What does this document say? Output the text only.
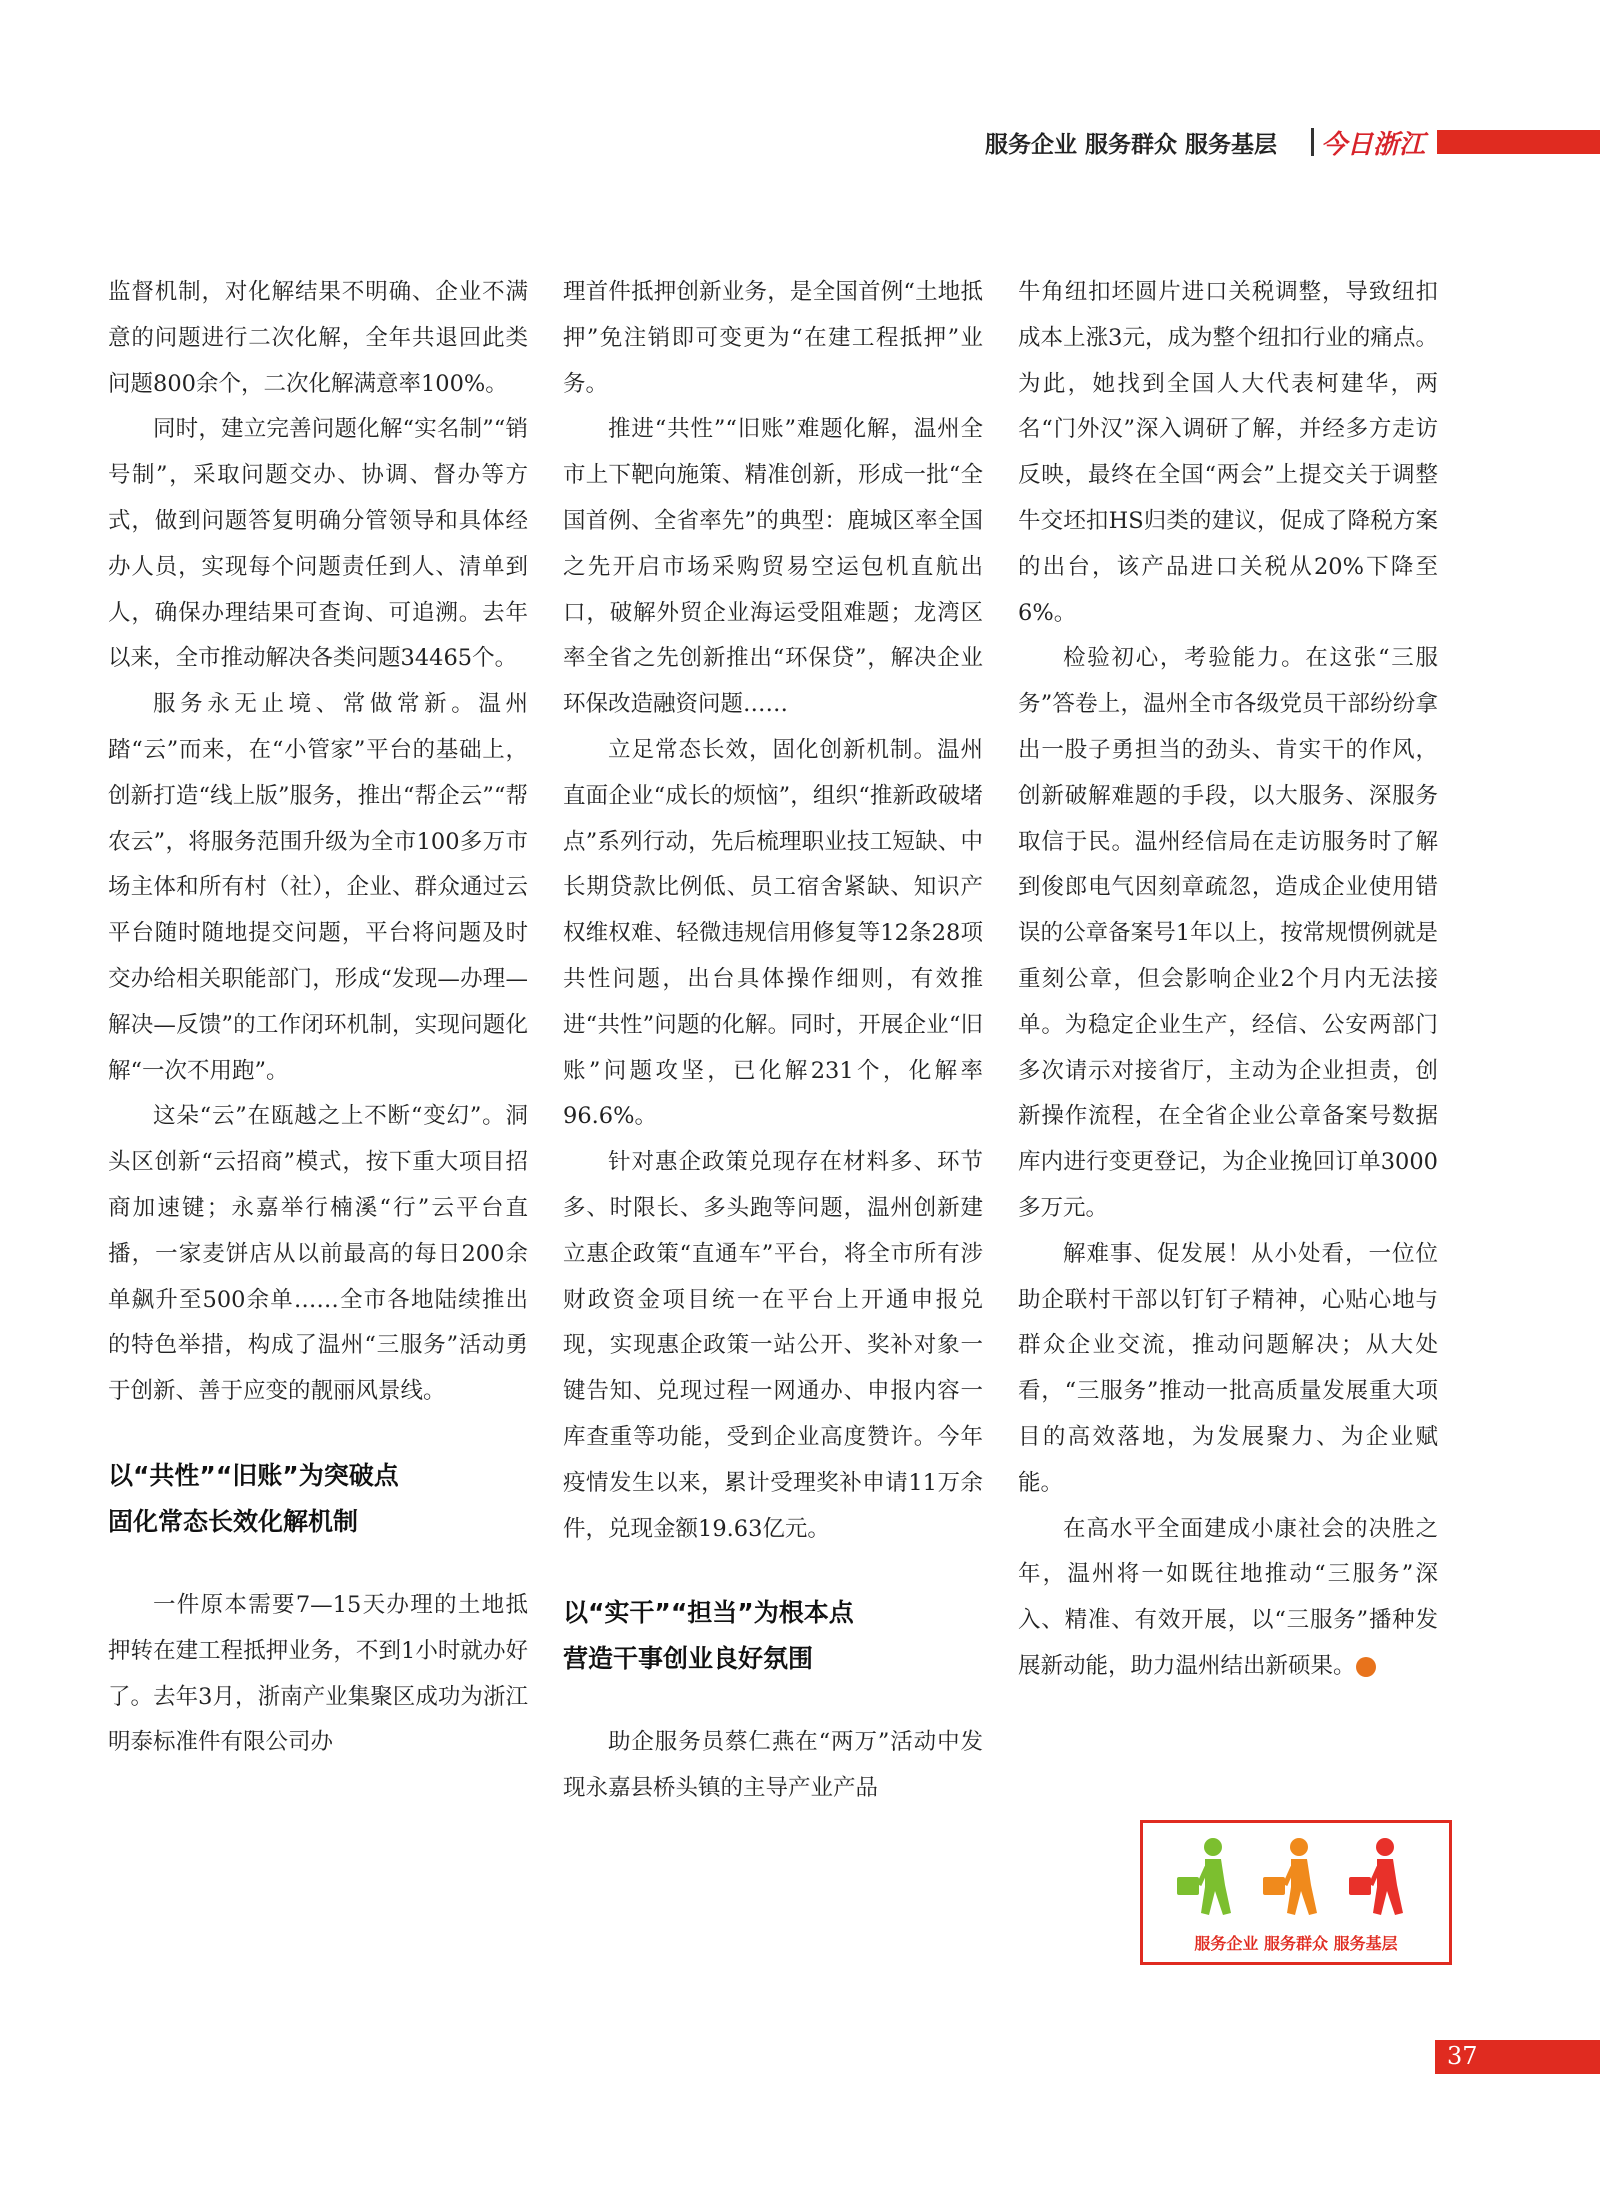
服务企业 服务群众 服务基层 今日浙江

监督机制，对化解结果不明确、企业不满意的问题进行二次化解，全年共退回此类问题800余个，二次化解满意率100%。

同时，建立完善问题化解“实名制”“销号制”，采取问题交办、协调、督办等方式，做到问题答复明确分管领导和具体经办人员，实现每个问题责任到人、清单到人，确保办理结果可查询、可追溯。去年以来，全市推动解决各类问题34465个。

服务永无止境、常做常新。温州踏“云”而来，在“小管家”平台的基础上，创新打造“线上版”服务，推出“帮企云”“帮农云”，将服务范围升级为全市100多万市场主体和所有村（社），企业、群众通过云平台随时随地提交问题，平台将问题及时交办给相关职能部门，形成“发现—办理—解决—反馈”的工作闭环机制，实现问题化解“一次不用跑”。

这朵“云”在瓯越之上不断“变幻”。洞头区创新“云招商”模式，按下重大项目招商加速键；永嘉举行楠溪“行”云平台直播，一家麦饼店从以前最高的每日200余单飙升至500余单……全市各地陆续推出的特色举措，构成了温州“三服务”活动勇于创新、善于应变的靓丽风景线。

以“共性”“旧账”为突破点
固化常态长效化解机制

一件原本需要7—15天办理的土地抵押转在建工程抵押业务，不到1小时就办好了。去年3月，浙南产业集聚区成功为浙江明泰标准件有限公司办

理首件抵押创新业务，是全国首例“土地抵押”免注销即可变更为“在建工程抵押”业务。

推进“共性”“旧账”难题化解，温州全市上下靶向施策、精准创新，形成一批“全国首例、全省率先”的典型：鹿城区率全国之先开启市场采购贸易空运包机直航出口，破解外贸企业海运受阻难题；龙湾区率全省之先创新推出“环保贷”，解决企业环保改造融资问题……

立足常态长效，固化创新机制。温州直面企业“成长的烦恼”，组织“推新政破堵点”系列行动，先后梳理职业技工短缺、中长期贷款比例低、员工宿舍紧缺、知识产权维权难、轻微违规信用修复等12条28项共性问题，出台具体操作细则，有效推进“共性”问题的化解。同时，开展企业“旧账”问题攻坚，已化解231个，化解率96.6%。

针对惠企政策兑现存在材料多、环节多、时限长、多头跑等问题，温州创新建立惠企政策“直通车”平台，将全市所有涉财政资金项目统一在平台上开通申报兑现，实现惠企政策一站公开、奖补对象一键告知、兑现过程一网通办、申报内容一库查重等功能，受到企业高度赞许。今年疫情发生以来，累计受理奖补申请11万余件，兑现金额19.63亿元。

以“实干”“担当”为根本点
营造干事创业良好氛围

助企服务员蔡仁燕在“两万”活动中发现永嘉县桥头镇的主导产业产品

牛角纽扣坯圆片进口关税调整，导致纽扣成本上涨3元，成为整个纽扣行业的痛点。为此，她找到全国人大代表柯建华，两名“门外汉”深入调研了解，并经多方走访反映，最终在全国“两会”上提交关于调整牛交坯扣HS归类的建议，促成了降税方案的出台，该产品进口关税从20%下降至6%。

检验初心，考验能力。在这张“三服务”答卷上，温州全市各级党员干部纷纷拿出一股子勇担当的劲头、肯实干的作风，创新破解难题的手段，以大服务、深服务取信于民。温州经信局在走访服务时了解到俊郎电气因刻章疏忽，造成企业使用错误的公章备案号1年以上，按常规惯例就是重刻公章，但会影响企业2个月内无法接单。为稳定企业生产，经信、公安两部门多次请示对接省厅，主动为企业担责，创新操作流程，在全省企业公章备案号数据库内进行变更登记，为企业挽回订单3000多万元。

解难事、促发展！从小处看，一位位助企联村干部以钉钉子精神，心贴心地与群众企业交流，推动问题解决；从大处看，“三服务”推动一批高质量发展重大项目的高效落地，为发展聚力、为企业赋能。

在高水平全面建成小康社会的决胜之年，温州将一如既往地推动“三服务”深入、精准、有效开展，以“三服务”播种发展新动能，助力温州结出新硕果。	今

服务企业 服务群众 服务基层
37
